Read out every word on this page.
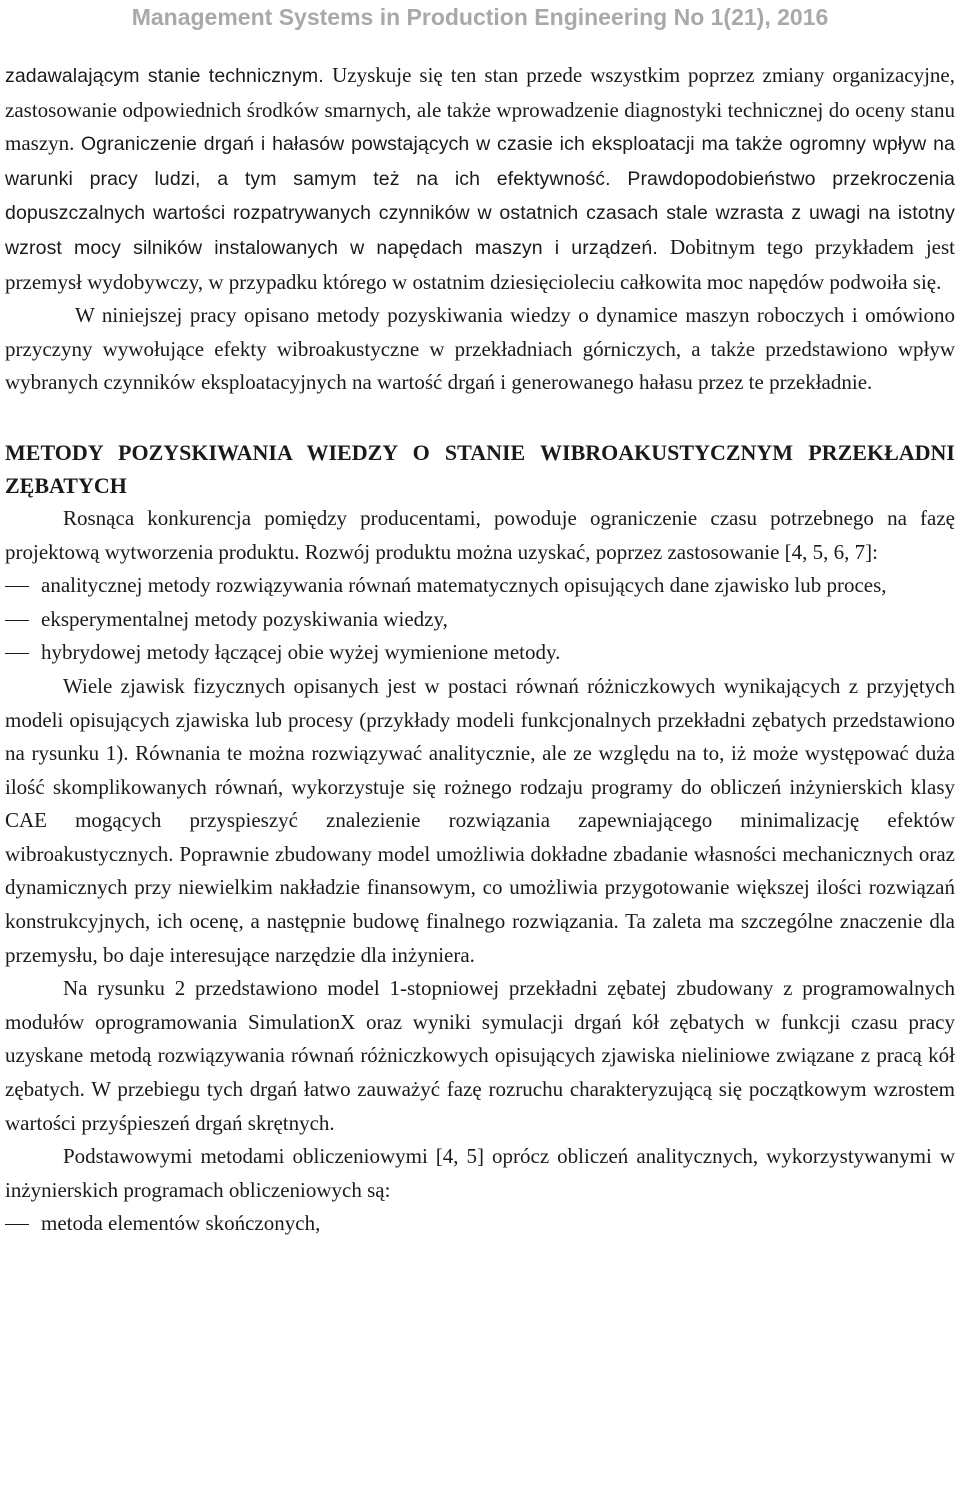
Management Systems in Production Engineering No 1(21), 2016

zadawalającym stanie technicznym. Uzyskuje się ten stan przede wszystkim poprzez zmiany organizacyjne, zastosowanie odpowiednich środków smarnych, ale także wprowadzenie diagnostyki technicznej do oceny stanu maszyn. Ograniczenie drgań i hałasów powstających w czasie ich eksploatacji ma także ogromny wpływ na warunki pracy ludzi, a tym samym też na ich efektywność. Prawdopodobieństwo przekroczenia dopuszczalnych wartości rozpatrywanych czynników w ostatnich czasach stale wzrasta z uwagi na istotny wzrost mocy silników instalowanych w napędach maszyn i urządzeń. Dobitnym tego przykładem jest przemysł wydobywczy, w przypadku którego w ostatnim dziesięcioleciu całkowita moc napędów podwoiła się.

W niniejszej pracy opisano metody pozyskiwania wiedzy o dynamice maszyn roboczych i omówiono przyczyny wywołujące efekty wibroakustyczne w przekładniach górniczych, a także przedstawiono wpływ wybranych czynników eksploatacyjnych na wartość drgań i generowanego hałasu przez te przekładnie.

METODY POZYSKIWANIA WIEDZY O STANIE WIBROAKUSTYCZNYM PRZEKŁADNI ZĘBATYCH

Rosnąca konkurencja pomiędzy producentami, powoduje ograniczenie czasu potrzebnego na fazę projektową wytworzenia produktu. Rozwój produktu można uzyskać, poprzez zastosowanie [4, 5, 6, 7]:

analitycznej metody rozwiązywania równań matematycznych opisujących dane zjawisko lub proces,
eksperymentalnej metody pozyskiwania wiedzy,
hybrydowej metody łączącej obie wyżej wymienione metody.

Wiele zjawisk fizycznych opisanych jest w postaci równań różniczkowych wynikających z przyjętych modeli opisujących zjawiska lub procesy (przykłady modeli funkcjonalnych przekładni zębatych przedstawiono na rysunku 1). Równania te można rozwiązywać analitycznie, ale ze względu na to, iż może występować duża ilość skomplikowanych równań, wykorzystuje się rożnego rodzaju programy do obliczeń inżynierskich klasy CAE mogących przyspieszyć znalezienie rozwiązania zapewniającego minimalizację efektów wibroakustycznych. Poprawnie zbudowany model umożliwia dokładne zbadanie własności mechanicznych oraz dynamicznych przy niewielkim nakładzie finansowym, co umożliwia przygotowanie większej ilości rozwiązań konstrukcyjnych, ich ocenę, a następnie budowę finalnego rozwiązania. Ta zaleta ma szczególne znaczenie dla przemysłu, bo daje interesujące narzędzie dla inżyniera.

Na rysunku 2 przedstawiono model 1-stopniowej przekładni zębatej zbudowany z programowalnych modułów oprogramowania SimulationX oraz wyniki symulacji drgań kół zębatych w funkcji czasu pracy uzyskane metodą rozwiązywania równań różniczkowych opisujących zjawiska nieliniowe związane z pracą kół zębatych. W przebiegu tych drgań łatwo zauważyć fazę rozruchu charakteryzującą się początkowym wzrostem wartości przyśpieszeń drgań skrętnych.

Podstawowymi metodami obliczeniowymi [4, 5] oprócz obliczeń analitycznych, wykorzystywanymi w inżynierskich programach obliczeniowych są:

metoda elementów skończonych,
